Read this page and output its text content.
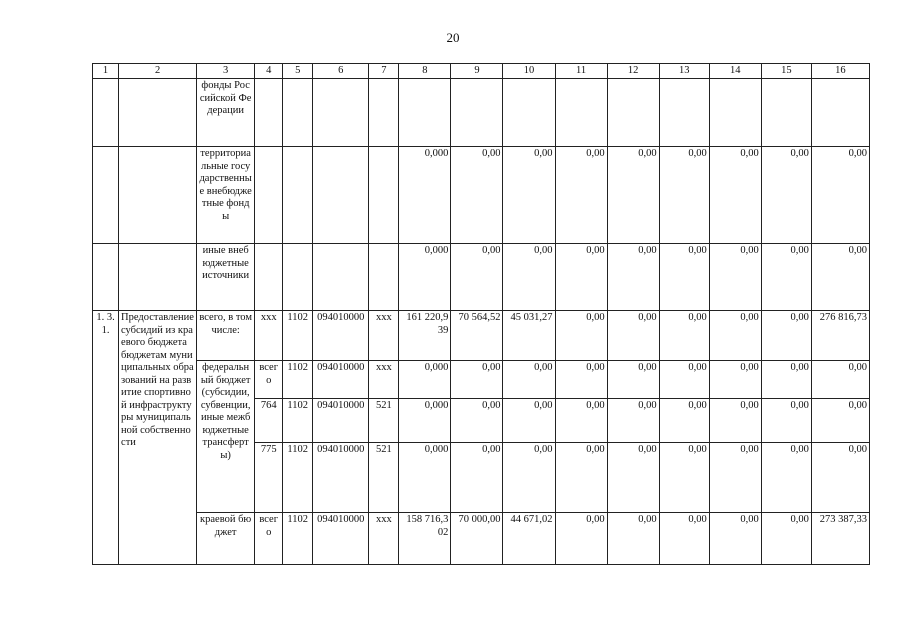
20
1	2	3	4	5	6	7	8	9	10	11	12	13	14	15	16
		фонды Российской Федерации													
		территориальные государственные внебюджетные фонды					0,000	0,00	0,00	0,00	0,00	0,00	0,00	0,00	0,00
		иные внебюджетные источники					0,000	0,00	0,00	0,00	0,00	0,00	0,00	0,00	0,00
1. 3. 1.	Предоставление субсидий из краевого бюджета бюджетам муниципальных образований на развитие спортивной инфраструктуры муниципальной собственности	всего, в том числе:	xxx	1102	094010000	xxx	161 220,939	70 564,52	45 031,27	0,00	0,00	0,00	0,00	0,00	276 816,73
		федеральный бюджет (субсидии, субвенции, иные межбюджетные трансферты)	всего	1102	094010000	xxx	0,000	0,00	0,00	0,00	0,00	0,00	0,00	0,00	0,00
			764	1102	094010000	521	0,000	0,00	0,00	0,00	0,00	0,00	0,00	0,00	0,00
			775	1102	094010000	521	0,000	0,00	0,00	0,00	0,00	0,00	0,00	0,00	0,00
		краевой бюджет	всего	1102	094010000	xxx	158 716,302	70 000,00	44 671,02	0,00	0,00	0,00	0,00	0,00	273 387,33
